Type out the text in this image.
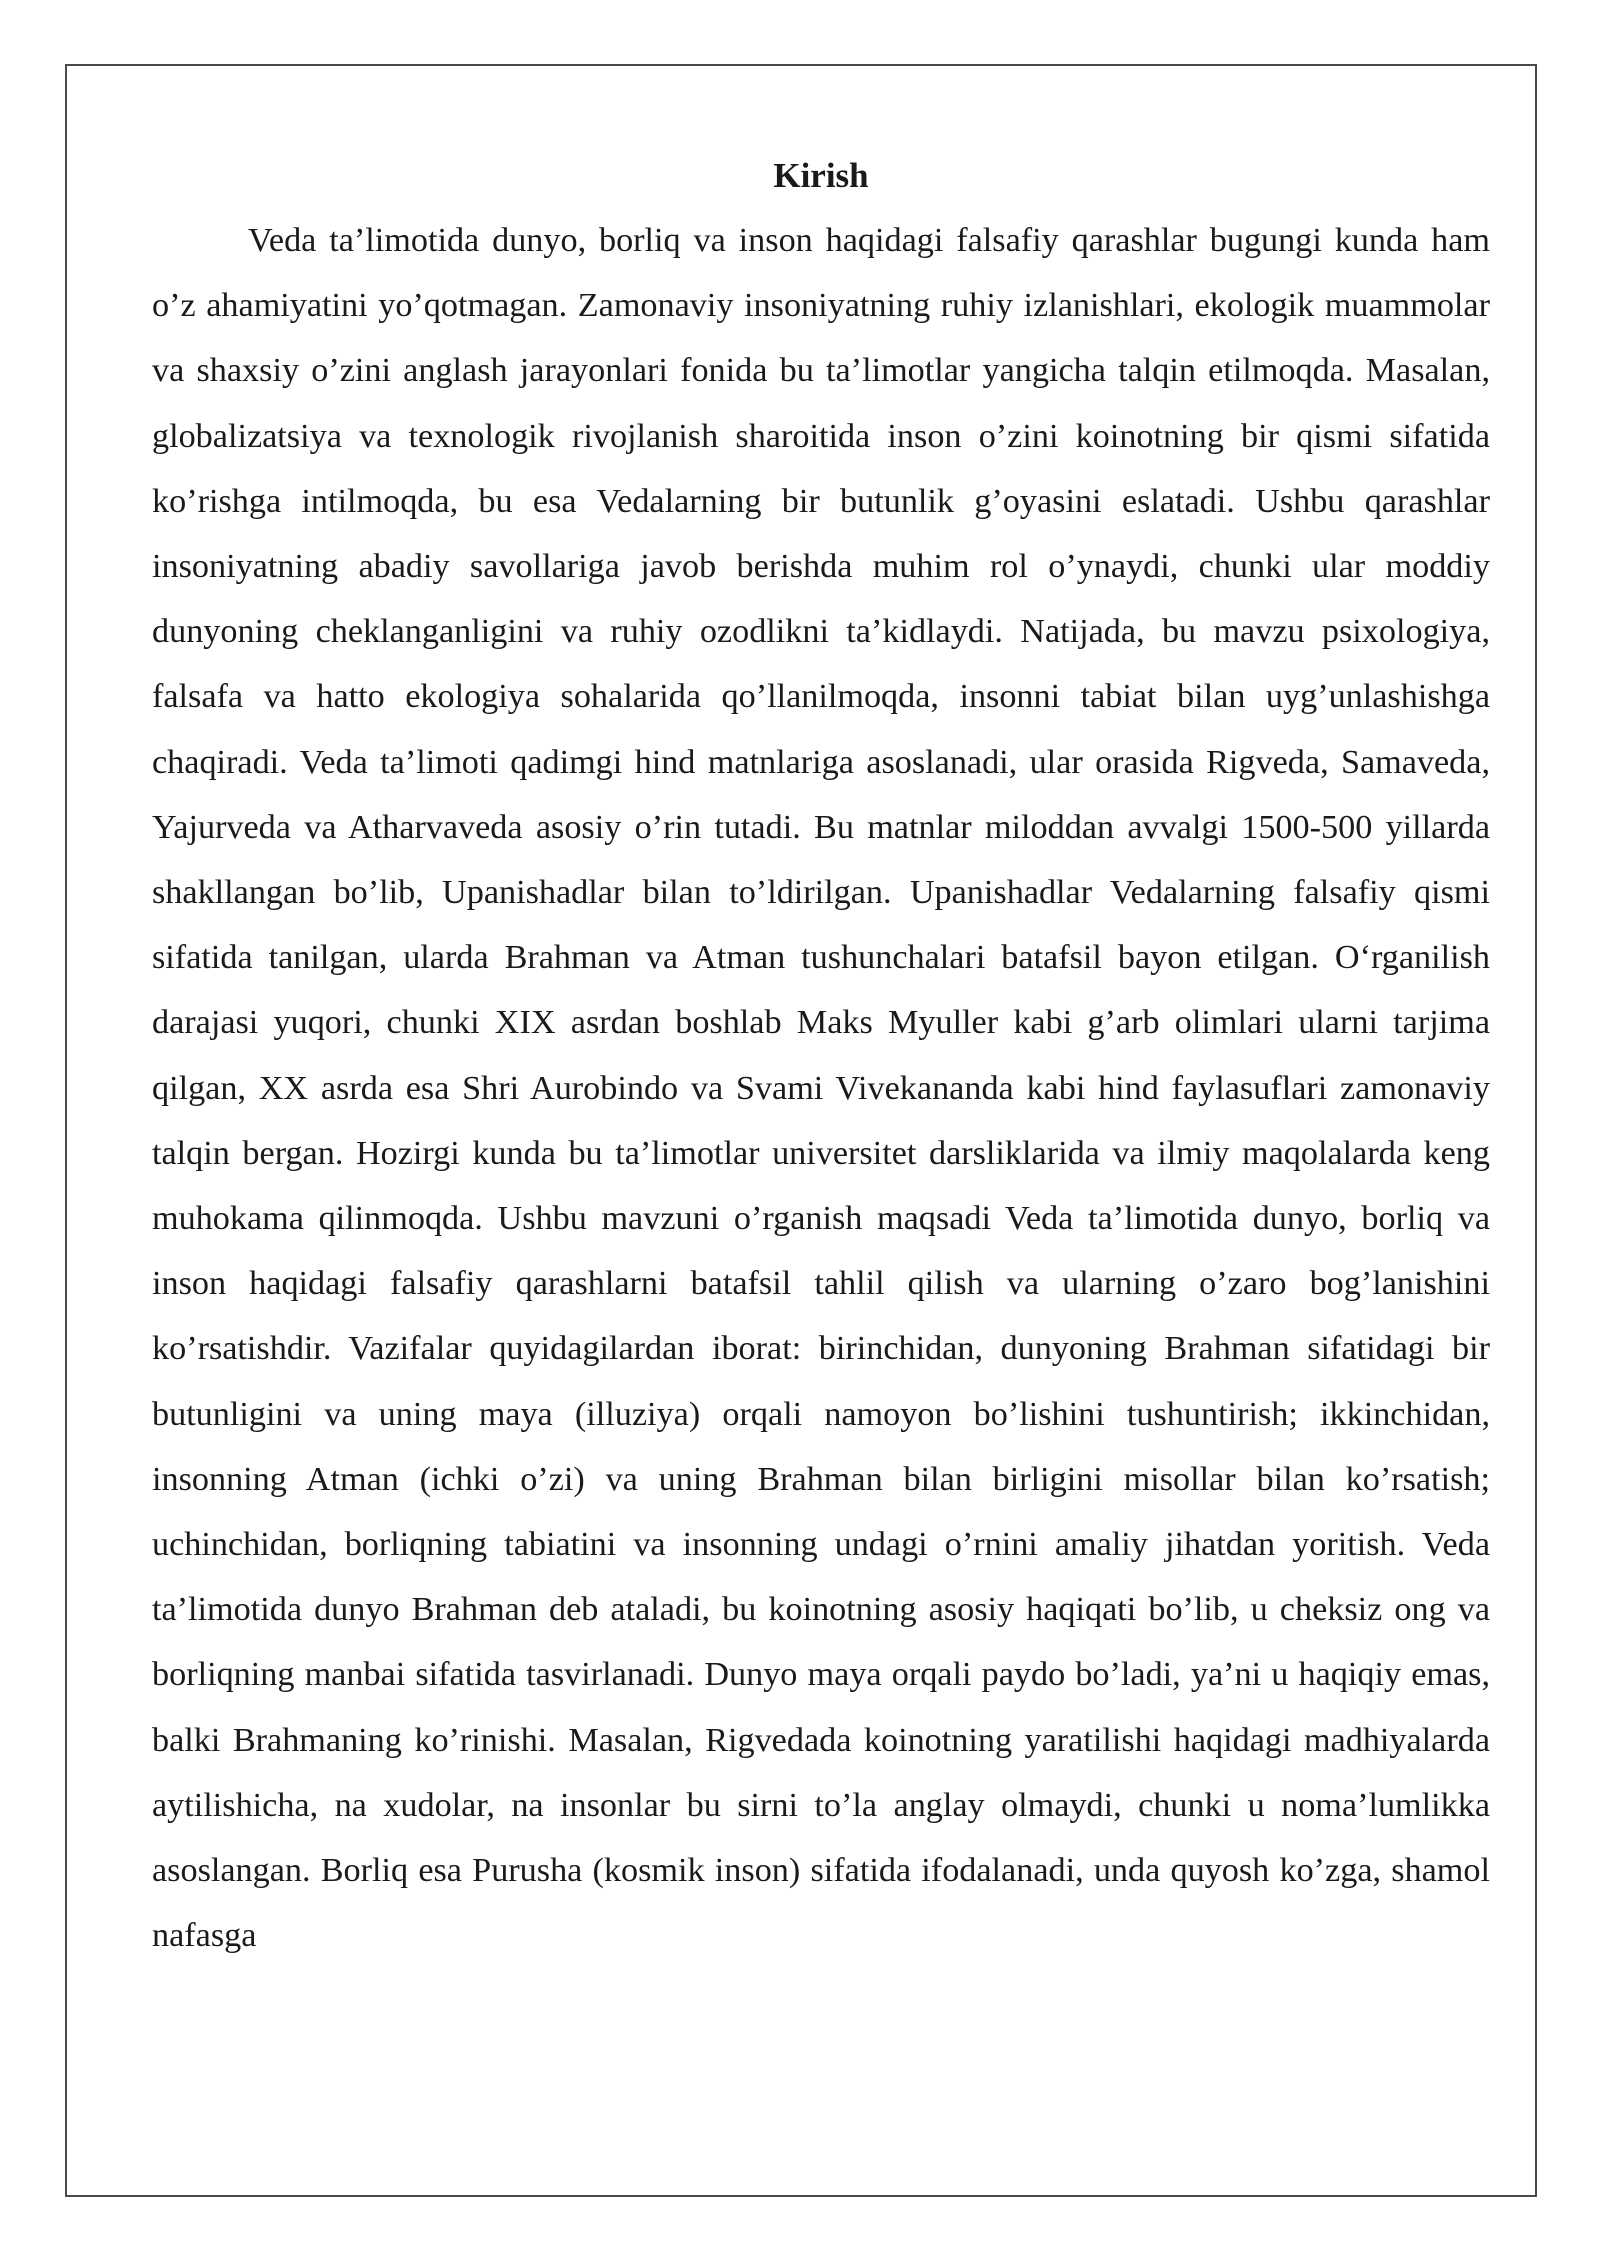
Kirish

Veda ta’limotida dunyo, borliq va inson haqidagi falsafiy qarashlar bugungi kunda ham o’z ahamiyatini yo’qotmagan. Zamonaviy insoniyatning ruhiy izlanishlari, ekologik muammolar va shaxsiy o’zini anglash jarayonlari fonida bu ta’limotlar yangicha talqin etilmoqda. Masalan, globalizatsiya va texnologik rivojlanish sharoitida inson o’zini koinotning bir qismi sifatida ko’rishga intilmoqda, bu esa Vedalarning bir butunlik g’oyasini eslatadi. Ushbu qarashlar insoniyatning abadiy savollariga javob berishda muhim rol o’ynaydi, chunki ular moddiy dunyoning cheklanganligini va ruhiy ozodlikni ta’kidlaydi. Natijada, bu mavzu psixologiya, falsafa va hatto ekologiya sohalarida qo’llanilmoqda, insonni tabiat bilan uyg’unlashishga chaqiradi. Veda ta’limoti qadimgi hind matnlariga asoslanadi, ular orasida Rigveda, Samaveda, Yajurveda va Atharvaveda asosiy o’rin tutadi. Bu matnlar miloddan avvalgi 1500-500 yillarda shakllangan bo’lib, Upanishadlar bilan to’ldirilgan. Upanishadlar Vedalarning falsafiy qismi sifatida tanilgan, ularda Brahman va Atman tushunchalari batafsil bayon etilgan. O‘rganilish darajasi yuqori, chunki XIX asrdan boshlab Maks Myuller kabi g’arb olimlari ularni tarjima qilgan, XX asrda esa Shri Aurobindo va Svami Vivekananda kabi hind faylasuflari zamonaviy talqin bergan. Hozirgi kunda bu ta’limotlar universitet darsliklarida va ilmiy maqolalarda keng muhokama qilinmoqda. Ushbu mavzuni o’rganish maqsadi Veda ta’limotida dunyo, borliq va inson haqidagi falsafiy qarashlarni batafsil tahlil qilish va ularning o’zaro bog’lanishini ko’rsatishdir. Vazifalar quyidagilardan iborat: birinchidan, dunyoning Brahman sifatidagi bir butunligini va uning maya (illuziya) orqali namoyon bo’lishini tushuntirish; ikkinchidan, insonning Atman (ichki o’zi) va uning Brahman bilan birligini misollar bilan ko’rsatish; uchinchidan, borliqning tabiatini va insonning undagi o’rnini amaliy jihatdan yoritish. Veda ta’limotida dunyo Brahman deb ataladi, bu koinotning asosiy haqiqati bo’lib, u cheksiz ong va borliqning manbai sifatida tasvirlanadi. Dunyo maya orqali paydo bo’ladi, ya’ni u haqiqiy emas, balki Brahmaning ko’rinishi. Masalan, Rigvedada koinotning yaratilishi haqidagi madhiyalarda aytilishicha, na xudolar, na insonlar bu sirni to’la anglay olmaydi, chunki u noma’lumlikka asoslangan. Borliq esa Purusha (kosmik inson) sifatida ifodalanadi, unda quyosh ko’zga, shamol nafasga
